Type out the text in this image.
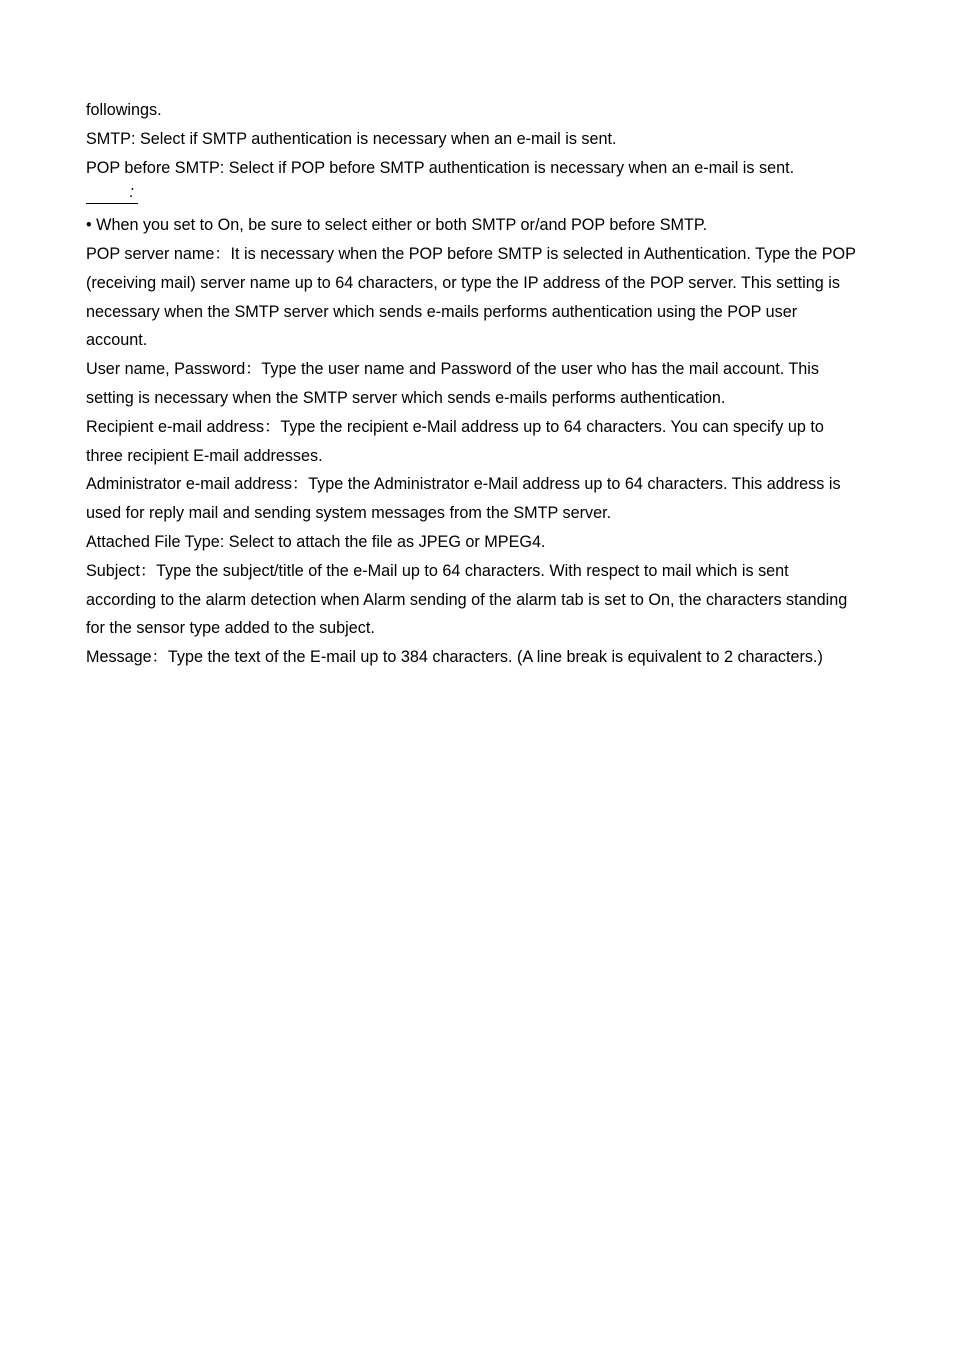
followings.
SMTP: Select if SMTP authentication is necessary when an e-mail is sent.
POP before SMTP: Select if POP before SMTP authentication is necessary when an e-mail is sent.
:
• When you set to On, be sure to select either or both SMTP or/and POP before SMTP.
POP server name：It is necessary when the POP before SMTP is selected in Authentication. Type the POP
(receiving mail) server name up to 64 characters, or type the IP address of the POP server. This setting is
necessary when the SMTP server which sends e-mails performs authentication using the POP user
account.
User name, Password：Type the user name and Password of the user who has the mail account. This
setting is necessary when the SMTP server which sends e-mails performs authentication.
Recipient e-mail address：Type the recipient e-Mail address up to 64 characters. You can specify up to
three recipient E-mail addresses.
Administrator e-mail address：Type the Administrator e-Mail address up to 64 characters. This address is
used for reply mail and sending system messages from the SMTP server.
Attached File Type: Select to attach the file as JPEG or MPEG4.
Subject：Type the subject/title of the e-Mail up to 64 characters. With respect to mail which is sent
according to the alarm detection when Alarm sending of the alarm tab is set to On, the characters standing
for the sensor type added to the subject.
Message：Type the text of the E-mail up to 384 characters. (A line break is equivalent to 2 characters.)
